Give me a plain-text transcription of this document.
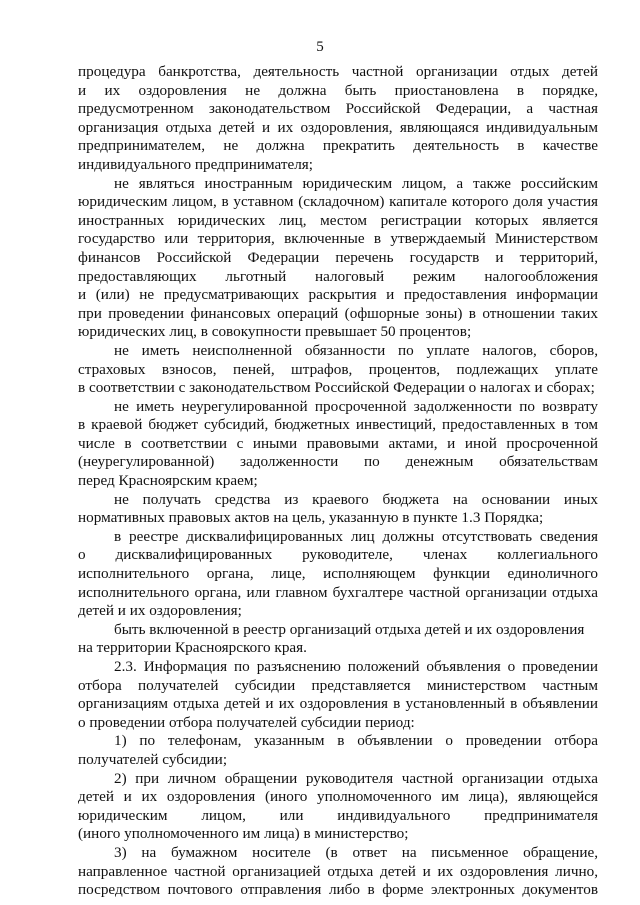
5
процедура банкротства, деятельность частной организации отдых детей
и их оздоровления не должна быть приостановлена в порядке,
предусмотренном законодательством Российской Федерации, а частная
организация отдыха детей и их оздоровления, являющаяся индивидуальным
предпринимателем, не должна прекратить деятельность в качестве
индивидуального предпринимателя;
не являться иностранным юридическим лицом, а также российским
юридическим лицом, в уставном (складочном) капитале которого доля участия
иностранных юридических лиц, местом регистрации которых является
государство или территория, включенные в утверждаемый Министерством
финансов Российской Федерации перечень государств и территорий,
предоставляющих льготный налоговый режим налогообложения
и (или) не предусматривающих раскрытия и предоставления информации
при проведении финансовых операций (офшорные зоны) в отношении таких
юридических лиц, в совокупности превышает 50 процентов;
не иметь неисполненной обязанности по уплате налогов, сборов,
страховых взносов, пеней, штрафов, процентов, подлежащих уплате
в соответствии с законодательством Российской Федерации о налогах и сборах;
не иметь неурегулированной просроченной задолженности по возврату
в краевой бюджет субсидий, бюджетных инвестиций, предоставленных в том
числе в соответствии с иными правовыми актами, и иной просроченной
(неурегулированной) задолженности по денежным обязательствам
перед Красноярским краем;
не получать средства из краевого бюджета на основании иных
нормативных правовых актов на цель, указанную в пункте 1.3 Порядка;
в реестре дисквалифицированных лиц должны отсутствовать сведения
о дисквалифицированных руководителе, членах коллегиального
исполнительного органа, лице, исполняющем функции единоличного
исполнительного органа, или главном бухгалтере частной организации отдыха
детей и их оздоровления;
быть включенной в реестр организаций отдыха детей и их оздоровления
на территории Красноярского края.
2.3. Информация по разъяснению положений объявления о проведении
отбора получателей субсидии представляется министерством частным
организациям отдыха детей и их оздоровления в установленный в объявлении
о проведении отбора получателей субсидии период:
1) по телефонам, указанным в объявлении о проведении отбора
получателей субсидии;
2) при личном обращении руководителя частной организации отдыха
детей и их оздоровления (иного уполномоченного им лица), являющейся
юридическим лицом, или индивидуального предпринимателя
(иного уполномоченного им лица) в министерство;
3) на бумажном носителе (в ответ на письменное обращение,
направленное частной организацией отдыха детей и их оздоровления лично,
посредством почтового отправления либо в форме электронных документов
